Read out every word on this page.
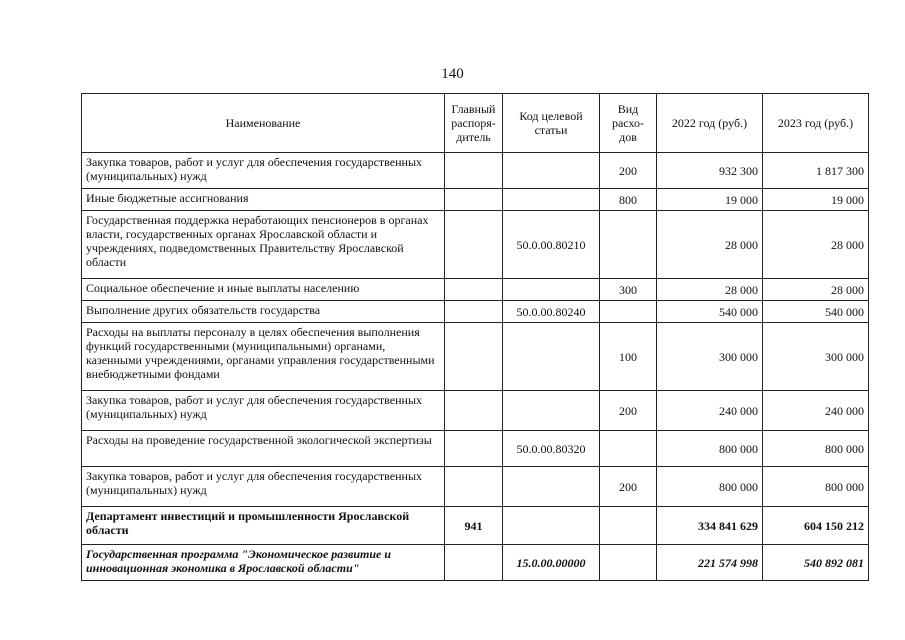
140
Наименование	Главный распоря-дитель	Код целевой статьи	Вид расхо-дов	2022 год (руб.)	2023 год (руб.)
Закупка товаров, работ и услуг для обеспечения государственных (муниципальных) нужд			200	932 300	1 817 300
Иные бюджетные ассигнования			800	19 000	19 000
Государственная поддержка неработающих пенсионеров в органах власти, государственных органах Ярославской области и учреждениях, подведомственных Правительству Ярославской области		50.0.00.80210		28 000	28 000
Социальное обеспечение и иные выплаты населению			300	28 000	28 000
Выполнение других обязательств государства		50.0.00.80240		540 000	540 000
Расходы на выплаты персоналу в целях обеспечения выполнения функций государственными (муниципальными) органами, казенными учреждениями, органами управления государственными внебюджетными фондами			100	300 000	300 000
Закупка товаров, работ и услуг для обеспечения государственных (муниципальных) нужд			200	240 000	240 000
Расходы на проведение государственной экологической экспертизы		50.0.00.80320		800 000	800 000
Закупка товаров, работ и услуг для обеспечения государственных (муниципальных) нужд			200	800 000	800 000
Департамент инвестиций и промышленности Ярославской области	941			334 841 629	604 150 212
Государственная программа "Экономическое развитие и инновационная экономика в Ярославской области"		15.0.00.00000		221 574 998	540 892 081
